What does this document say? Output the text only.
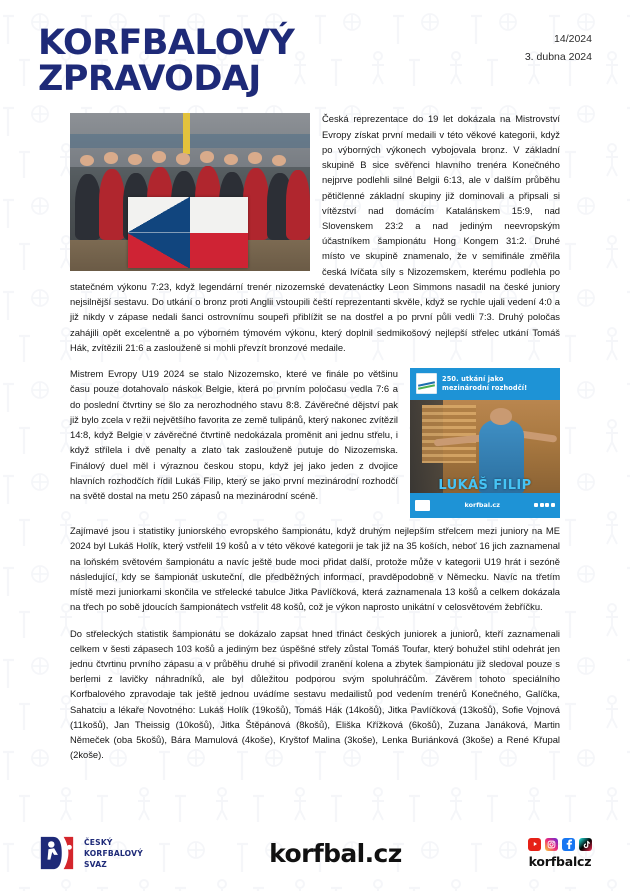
KORFBALOVÝ
ZPRAVODAJ
14/2024
3. dubna 2024

Česká reprezentace do 19 let dokázala na Mistrovství Evropy získat první medaili v této věkové kategorii, když po výborných výkonech vybojovala bronz. V základní skupině B sice svěřenci hlavního trenéra Konečného nejprve podlehli silné Belgii 6:13, ale v dalším průběhu pětičlenné základní skupiny již dominovali a připsali si vítězství nad domácím Katalánskem 15:9, nad Slovenskem 23:2 a nad jediným neevropským účastníkem šampionátu Hong Kongem 31:2. Druhé místo ve skupině znamenalo, že v semifinále změřila česká lvíčata síly s Nizozemskem, kterému podlehla po statečném výkonu 7:23, když legendární trenér nizozemské devatenáctky Leon Simmons nasadil na české juniory nejsilnější sestavu. Do utkání o bronz proti Anglii vstoupili čeští reprezentanti skvěle, když se rychle ujali vedení 4:0 a již nikdy v zápase nedali šanci ostrovnímu soupeři přiblížit se na dostřel a po první půli vedli 7:3. Druhý poločas zahájili opět excelentně a po výborném týmovém výkonu, který doplnil sedmikošový nejlepší střelec utkání Tomáš Hák, zvítězili 21:6 a zaslouženě si mohli převzít bronzové medaile.

250. utkání jako
mezinárodní rozhodčí!
LUKÁŠ FILIP
korfbal.cz

Mistrem Evropy U19 2024 se stalo Nizozemsko, které ve finále po většinu času pouze dotahovalo náskok Belgie, která po prvním poločasu vedla 7:6 a do poslední čtvrtiny se šlo za nerozhodného stavu 8:8. Závěrečné dějství pak již bylo zcela v režii největšího favorita ze země tulipánů, který nakonec zvítězil 14:8, když Belgie v závěrečné čtvrtině nedokázala proměnit ani jednu střelu, i když střílela i dvě penalty a zlato tak zaslouženě putuje do Nizozemska. Finálový duel měl i výraznou českou stopu, když jej jako jeden z dvojice hlavních rozhodčích řídil Lukáš Filip, který se jako první mezinárodní rozhodčí na světě dostal na metu 250 zápasů na mezinárodní scéně.

Zajímavé jsou i statistiky juniorského evropského šampionátu, když druhým nejlepším střelcem mezi juniory na ME 2024 byl Lukáš Holík, který vstřelil 19 košů a v této věkové kategorii je tak již na 35 koších, neboť 16 jich zaznamenal na loňském světovém šampionátu a navíc ještě bude moci přidat další, protože může v kategorii U19 hrát i sezóně následující, kdy se šampionát uskuteční, dle předběžných informací, pravděpodobně v Německu. Navíc na třetím místě mezi juniorkami skončila ve střelecké tabulce Jitka Pavlíčková, která zaznamenala 13 košů a celkem dokázala na třech po sobě jdoucích šampionátech vstřelit 48 košů, což je výkon naprosto unikátní v celosvětovém žebříčku.

Do střeleckých statistik šampionátu se dokázalo zapsat hned třináct českých juniorek a juniorů, kteří zaznamenali celkem v šesti zápasech 103 košů a jediným bez úspěšné střely zůstal Tomáš Toufar, který bohužel stihl odehrát jen jednu čtvrtinu prvního zápasu a v průběhu druhé si přivodil zranění kolena a zbytek šampionátu již sledoval pouze s berlemi z lavičky náhradníků, ale byl důležitou podporou svým spoluhráčům. Závěrem tohoto speciálního Korfbalového zpravodaje tak ještě jednou uvádíme sestavu medailistů pod vedením trenérů Konečného, Galíčka, Sahatciu a lékaře Novotného: Lukáš Holík (19košů), Tomáš Hák (14košů), Jitka Pavlíčková (13košů), Sofie Vojnová (11košů), Jan Theissig (10košů), Jitka Štěpánová (8košů), Eliška Křížková (6košů), Zuzana Janáková, Martin Němeček (oba 5košů), Bára Mamulová (4koše), Kryštof Malina (3koše), Lenka Buriánková (3koše) a René Křupal (2koše).

ČESKÝ
KORFBALOVÝ
SVAZ	korfbal.cz	korfbalcz
